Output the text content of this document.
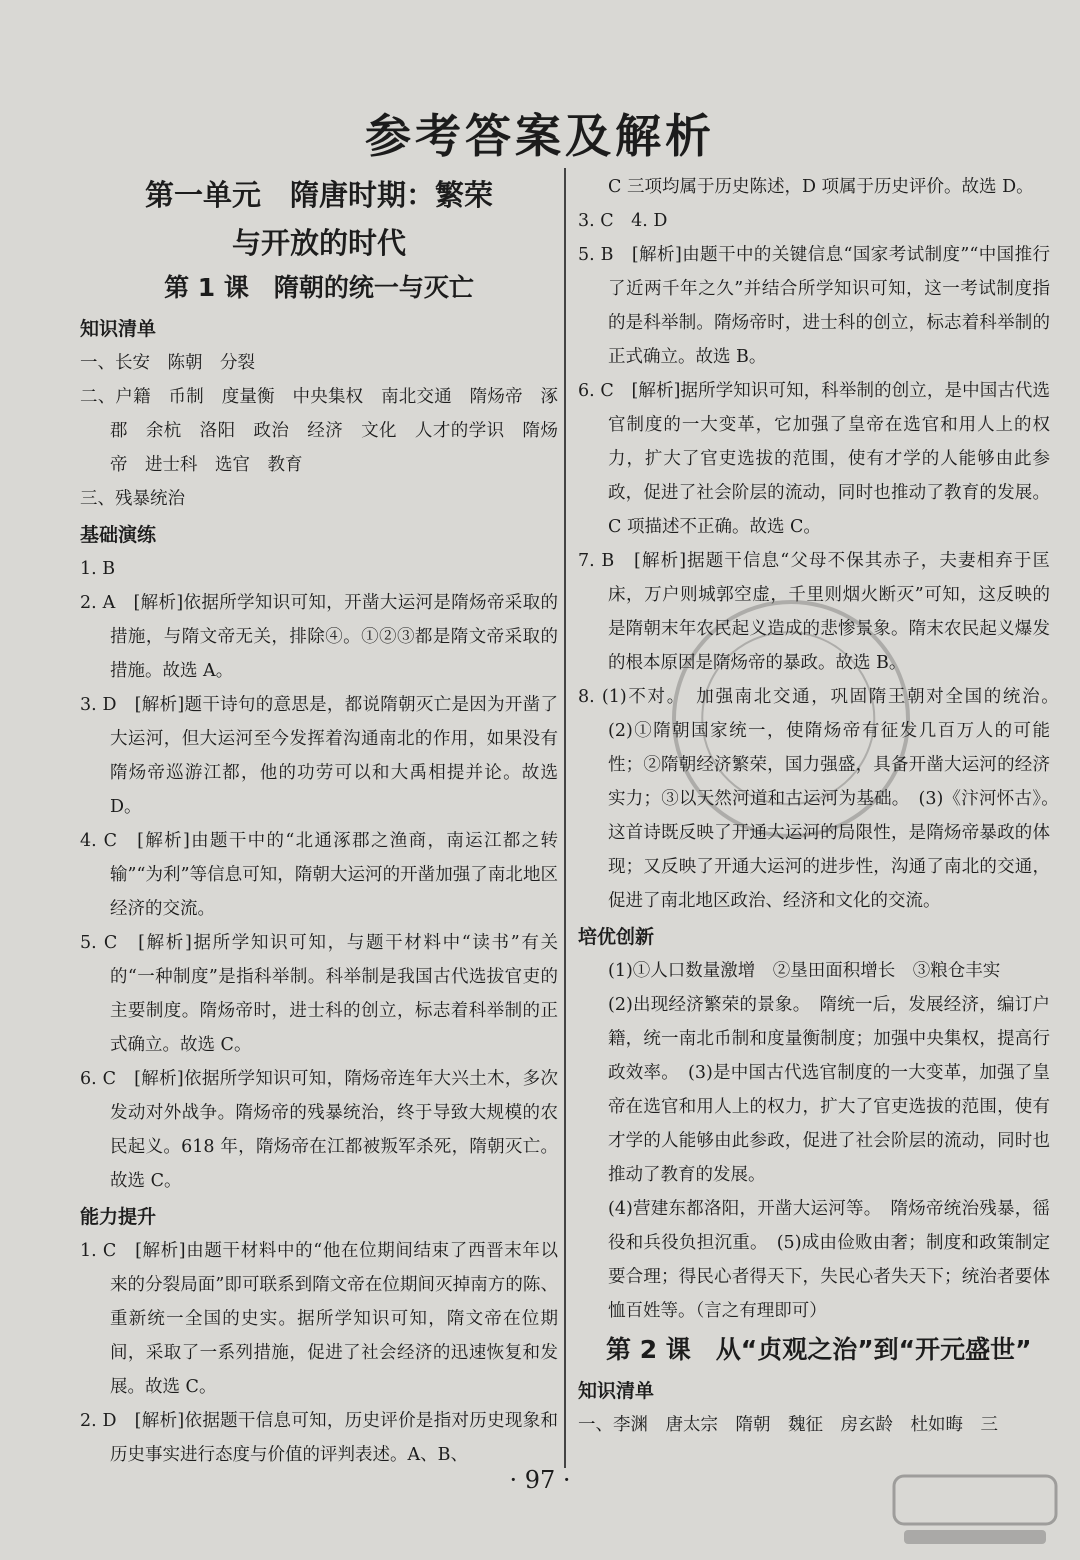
参考答案及解析
第一单元　隋唐时期：繁荣
与开放的时代
第 1 课　隋朝的统一与灭亡
知识清单

一、长安　陈朝　分裂

二、户籍　币制　度量衡　中央集权　南北交通　隋炀帝　涿郡　余杭　洛阳　政治　经济　文化　人才的学识　隋炀帝　进士科　选官　教育

三、残暴统治

基础演练

1. B

2. A　[解析]依据所学知识可知，开凿大运河是隋炀帝采取的措施，与隋文帝无关，排除④。①②③都是隋文帝采取的措施。故选 A。

3. D　[解析]题干诗句的意思是，都说隋朝灭亡是因为开凿了大运河，但大运河至今发挥着沟通南北的作用，如果没有隋炀帝巡游江都，他的功劳可以和大禹相提并论。故选 D。

4. C　[解析]由题干中的“北通涿郡之渔商，南运江都之转输”“为利”等信息可知，隋朝大运河的开凿加强了南北地区经济的交流。

5. C　[解析]据所学知识可知，与题干材料中“读书”有关的“一种制度”是指科举制。科举制是我国古代选拔官吏的主要制度。隋炀帝时，进士科的创立，标志着科举制的正式确立。故选 C。

6. C　[解析]依据所学知识可知，隋炀帝连年大兴土木，多次发动对外战争。隋炀帝的残暴统治，终于导致大规模的农民起义。618 年，隋炀帝在江都被叛军杀死，隋朝灭亡。故选 C。

能力提升

1. C　[解析]由题干材料中的“他在位期间结束了西晋末年以来的分裂局面”即可联系到隋文帝在位期间灭掉南方的陈、重新统一全国的史实。据所学知识可知，隋文帝在位期间，采取了一系列措施，促进了社会经济的迅速恢复和发展。故选 C。

2. D　[解析]依据题干信息可知，历史评价是指对历史现象和历史事实进行态度与价值的评判表述。A、B、

C 三项均属于历史陈述，D 项属于历史评价。故选 D。

3. C　4. D

5. B　[解析]由题干中的关键信息“国家考试制度”“中国推行了近两千年之久”并结合所学知识可知，这一考试制度指的是科举制。隋炀帝时，进士科的创立，标志着科举制的正式确立。故选 B。

6. C　[解析]据所学知识可知，科举制的创立，是中国古代选官制度的一大变革，它加强了皇帝在选官和用人上的权力，扩大了官吏选拔的范围，使有才学的人能够由此参政，促进了社会阶层的流动，同时也推动了教育的发展。C 项描述不正确。故选 C。

7. B　[解析]据题干信息“父母不保其赤子，夫妻相弃于匡床，万户则城郭空虚，千里则烟火断灭”可知，这反映的是隋朝末年农民起义造成的悲惨景象。隋末农民起义爆发的根本原因是隋炀帝的暴政。故选 B。

8. (1)不对。　加强南北交通，巩固隋王朝对全国的统治。　(2)①隋朝国家统一，使隋炀帝有征发几百万人的可能性；②隋朝经济繁荣，国力强盛，具备开凿大运河的经济实力；③以天然河道和古运河为基础。　(3)《汴河怀古》。　这首诗既反映了开通大运河的局限性，是隋炀帝暴政的体现；又反映了开通大运河的进步性，沟通了南北的交通，促进了南北地区政治、经济和文化的交流。

培优创新

(1)①人口数量激增　②垦田面积增长　③粮仓丰实

(2)出现经济繁荣的景象。　隋统一后，发展经济，编订户籍，统一南北币制和度量衡制度；加强中央集权，提高行政效率。　(3)是中国古代选官制度的一大变革，加强了皇帝在选官和用人上的权力，扩大了官吏选拔的范围，使有才学的人能够由此参政，促进了社会阶层的流动，同时也推动了教育的发展。

(4)营建东都洛阳，开凿大运河等。　隋炀帝统治残暴，徭役和兵役负担沉重。　(5)成由俭败由奢；制度和政策制定要合理；得民心者得天下，失民心者失天下；统治者要体恤百姓等。（言之有理即可）

第 2 课　从“贞观之治”到“开元盛世”
知识清单

一、李渊　唐太宗　隋朝　魏征　房玄龄　杜如晦　三

· 97 ·
